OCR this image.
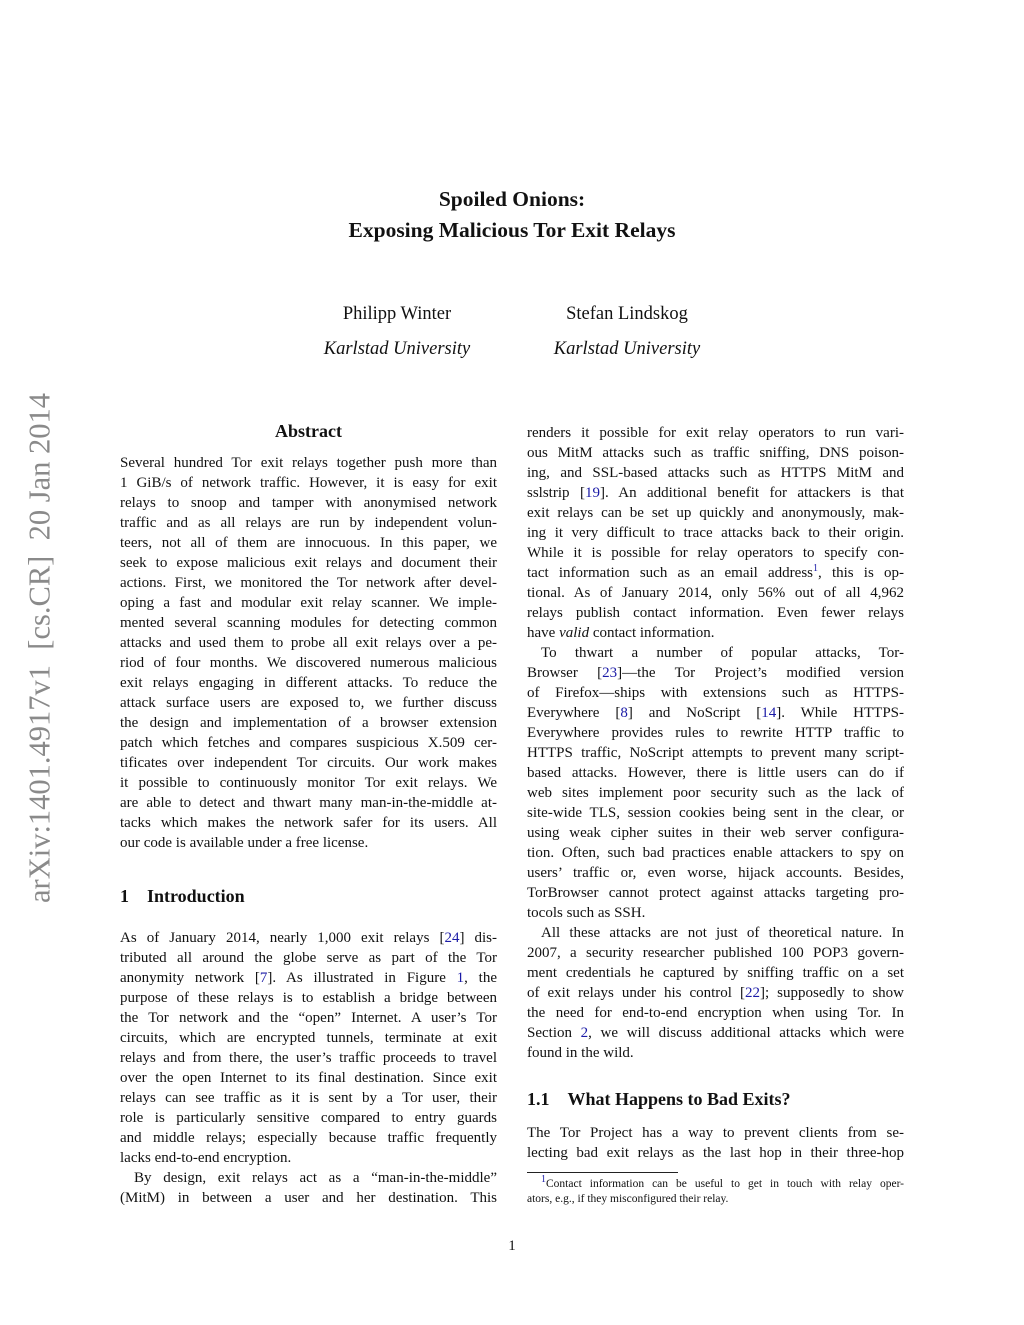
arXiv:1401.4917v1  [cs.CR]  20 Jan 2014
Spoiled Onions:
Exposing Malicious Tor Exit Relays
Philipp Winter
Karlstad University
Stefan Lindskog
Karlstad University
Abstract
Several hundred Tor exit relays together push more than
1 GiB/s of network traffic. However, it is easy for exit
relays to snoop and tamper with anonymised network
traffic and as all relays are run by independent volun-
teers, not all of them are innocuous. In this paper, we
seek to expose malicious exit relays and document their
actions. First, we monitored the Tor network after devel-
oping a fast and modular exit relay scanner. We imple-
mented several scanning modules for detecting common
attacks and used them to probe all exit relays over a pe-
riod of four months. We discovered numerous malicious
exit relays engaging in different attacks. To reduce the
attack surface users are exposed to, we further discuss
the design and implementation of a browser extension
patch which fetches and compares suspicious X.509 cer-
tificates over independent Tor circuits. Our work makes
it possible to continuously monitor Tor exit relays. We
are able to detect and thwart many man-in-the-middle at-
tacks which makes the network safer for its users. All
our code is available under a free license.
1 Introduction
As of January 2014, nearly 1,000 exit relays [24] dis-
tributed all around the globe serve as part of the Tor
anonymity network [7]. As illustrated in Figure 1, the
purpose of these relays is to establish a bridge between
the Tor network and the “open” Internet. A user’s Tor
circuits, which are encrypted tunnels, terminate at exit
relays and from there, the user’s traffic proceeds to travel
over the open Internet to its final destination. Since exit
relays can see traffic as it is sent by a Tor user, their
role is particularly sensitive compared to entry guards
and middle relays; especially because traffic frequently
lacks end-to-end encryption.
By design, exit relays act as a “man-in-the-middle”
(MitM) in between a user and her destination. This
renders it possible for exit relay operators to run vari-
ous MitM attacks such as traffic sniffing, DNS poison-
ing, and SSL-based attacks such as HTTPS MitM and
sslstrip [19]. An additional benefit for attackers is that
exit relays can be set up quickly and anonymously, mak-
ing it very difficult to trace attacks back to their origin.
While it is possible for relay operators to specify con-
tact information such as an email address$^1$, this is op-
tional. As of January 2014, only 56% out of all 4,962
relays publish contact information. Even fewer relays
have valid contact information.
To thwart a number of popular attacks, Tor-
Browser [23]—the Tor Project’s modified version
of Firefox—ships with extensions such as HTTPS-
Everywhere [8] and NoScript [14]. While HTTPS-
Everywhere provides rules to rewrite HTTP traffic to
HTTPS traffic, NoScript attempts to prevent many script-
based attacks. However, there is little users can do if
web sites implement poor security such as the lack of
site-wide TLS, session cookies being sent in the clear, or
using weak cipher suites in their web server configura-
tion. Often, such bad practices enable attackers to spy on
users’ traffic or, even worse, hijack accounts. Besides,
TorBrowser cannot protect against attacks targeting pro-
tocols such as SSH.
All these attacks are not just of theoretical nature. In
2007, a security researcher published 100 POP3 govern-
ment credentials he captured by sniffing traffic on a set
of exit relays under his control [22]; supposedly to show
the need for end-to-end encryption when using Tor. In
Section 2, we will discuss additional attacks which were
found in the wild.
1.1 What Happens to Bad Exits?
The Tor Project has a way to prevent clients from se-
lecting bad exit relays as the last hop in their three-hop
$^1$Contact information can be useful to get in touch with relay oper-
ators, e.g., if they misconfigured their relay.
1
